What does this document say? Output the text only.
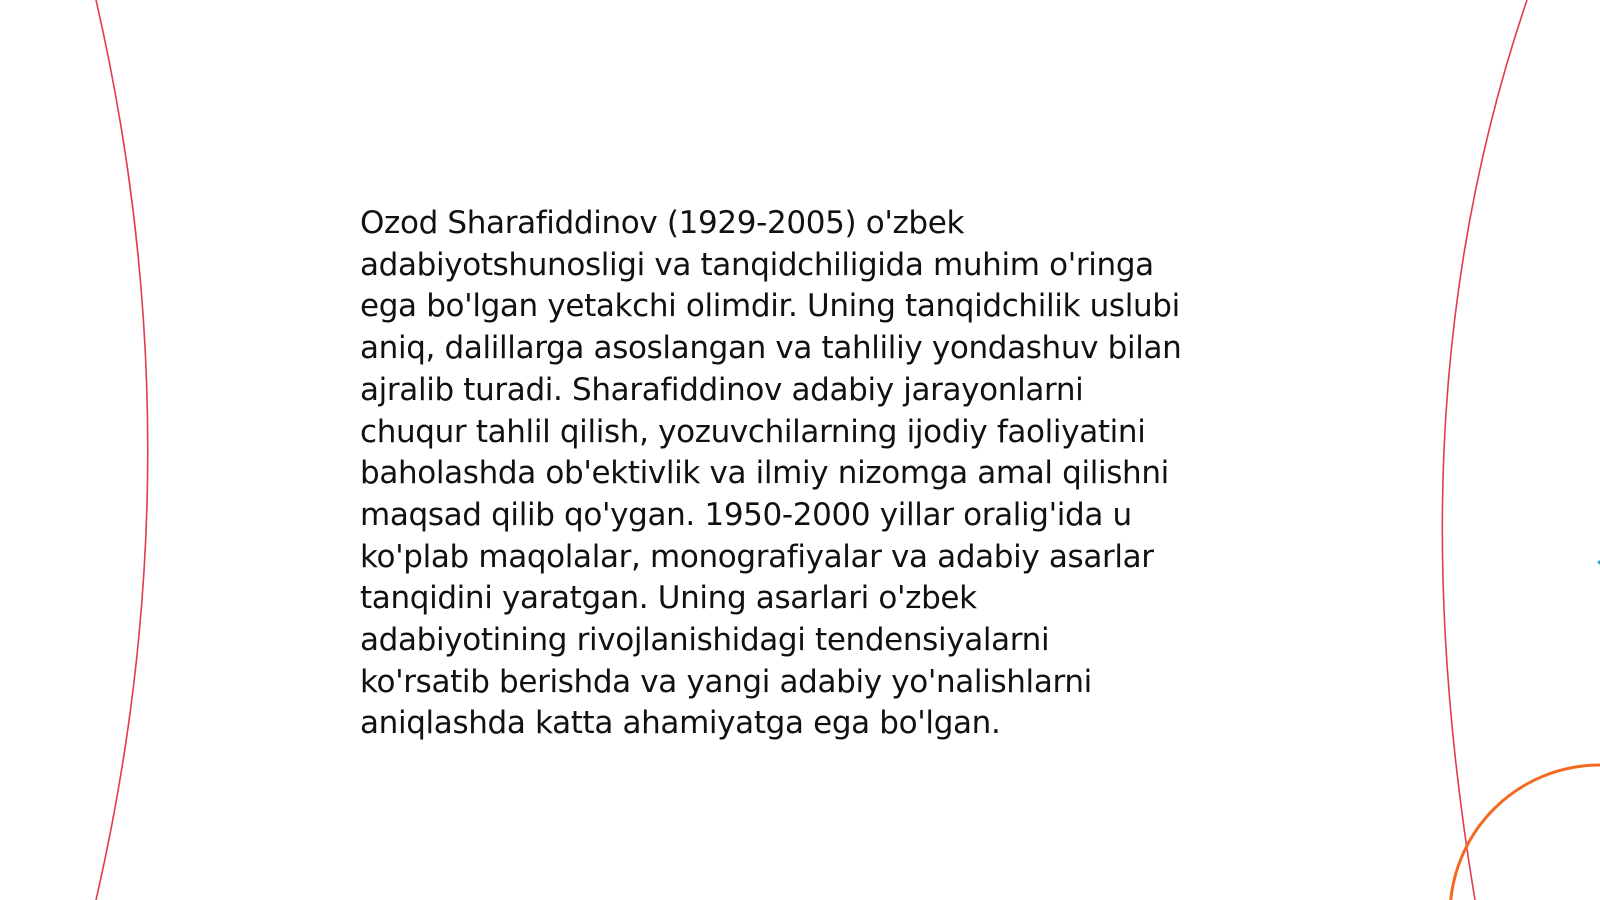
Ozod Sharafiddinov (1929-2005) o'zbek
adabiyotshunosligi va tanqidchiligida muhim o'ringa
ega bo'lgan yetakchi olimdir. Uning tanqidchilik uslubi
aniq, dalillarga asoslangan va tahliliy yondashuv bilan
ajralib turadi. Sharafiddinov adabiy jarayonlarni
chuqur tahlil qilish, yozuvchilarning ijodiy faoliyatini
baholashda ob'ektivlik va ilmiy nizomga amal qilishni
maqsad qilib qo'ygan. 1950-2000 yillar oralig'ida u
ko'plab maqolalar, monografiyalar va adabiy asarlar
tanqidini yaratgan. Uning asarlari o'zbek
adabiyotining rivojlanishidagi tendensiyalarni
ko'rsatib berishda va yangi adabiy yo'nalishlarni
aniqlashda katta ahamiyatga ega bo'lgan.
